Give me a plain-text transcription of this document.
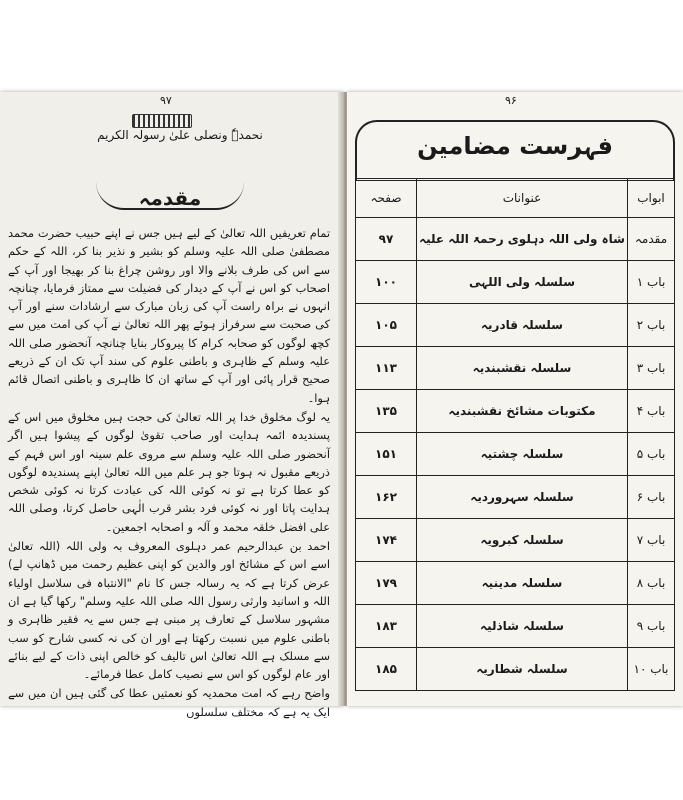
۹۷
نحمدہٗ ونصلی علیٰ رسولہ الکریم
مقدمہ

تمام تعریفیں اللہ تعالیٰ کے لیے ہیں جس نے اپنے حبیب حضرت محمد مصطفیٰ صلی اللہ علیہ وسلم کو بشیر و نذیر بنا کر، اللہ کے حکم سے اس کی طرف بلانے والا اور روشن چراغ بنا کر بھیجا اور آپ کے اصحاب کو اس نے آپ کے دیدار کی فضیلت سے ممتاز فرمایا، چنانچہ انہوں نے براہ راست آپ کی زبان مبارک سے ارشادات سنے اور آپ کی صحبت سے سرفراز ہوئے پھر اللہ تعالیٰ نے آپ کی امت میں سے کچھ لوگوں کو صحابہ کرام کا پیروکار بنایا چنانچہ آنحضور صلی اللہ علیہ وسلم کے ظاہری و باطنی علوم کی سند آپ تک ان کے ذریعے صحیح قرار پائی اور آپ کے ساتھ ان کا ظاہری و باطنی اتصال قائم ہوا۔

یہ لوگ مخلوق خدا پر اللہ تعالیٰ کی حجت ہیں مخلوق میں اس کے پسندیدہ ائمہ ہدایت اور صاحب تقویٰ لوگوں کے پیشوا ہیں اگر آنحضور صلی اللہ علیہ وسلم سے مروی علم سینہ اور اس فہم کے ذریعے مقبول نہ ہوتا جو ہر علم میں اللہ تعالیٰ اپنے پسندیدہ لوگوں کو عطا کرتا ہے تو نہ کوئی اللہ کی عبادت کرتا نہ کوئی شخص ہدایت پاتا اور نہ کوئی فرد بشر قرب الٰہی حاصل کرتا، وصلی اللہ علی افضل خلقہ محمد و آلہ و اصحابہ اجمعین۔

احمد بن عبدالرحیم عمر دہلوی المعروف بہ ولی اللہ (اللہ تعالیٰ اسے اس کے مشائخ اور والدین کو اپنی عظیم رحمت میں ڈھانپ لے) عرض کرتا ہے کہ یہ رسالہ جس کا نام "الانتباہ فی سلاسل اولیاء اللہ و اسانید وارثی رسول اللہ صلی اللہ علیہ وسلم" رکھا گیا ہے ان مشہور سلاسل کے تعارف پر مبنی ہے جس سے یہ فقیر ظاہری و باطنی علوم میں نسبت رکھتا ہے اور ان کی نہ کسی شارح کو سب سے مسلک ہے اللہ تعالیٰ اس تالیف کو خالص اپنی ذات کے لیے بنائے اور عام لوگوں کو اس سے نصیب کامل عطا فرمائے۔

واضح رہے کہ امت محمدیہ کو نعمتیں عطا کی گئی ہیں ان میں سے ایک یہ ہے کہ مختلف سلسلوں

۹۶
فہرست مضامین
ابواب	عنوانات	صفحہ
مقدمہ	شاہ ولی اللہ دہلوی رحمۃ اللہ علیہ	۹۷
باب ۱	سلسلہ ولی اللہی	۱۰۰
باب ۲	سلسلہ قادریہ	۱۰۵
باب ۳	سلسلہ نقشبندیہ	۱۱۳
باب ۴	مکتوبات مشائخ نقشبندیہ	۱۳۵
باب ۵	سلسلہ چشتیہ	۱۵۱
باب ۶	سلسلہ سہروردیہ	۱۶۲
باب ۷	سلسلہ کبرویہ	۱۷۴
باب ۸	سلسلہ مدینیہ	۱۷۹
باب ۹	سلسلہ شاذلیہ	۱۸۳
باب ۱۰	سلسلہ شطاریہ	۱۸۵
